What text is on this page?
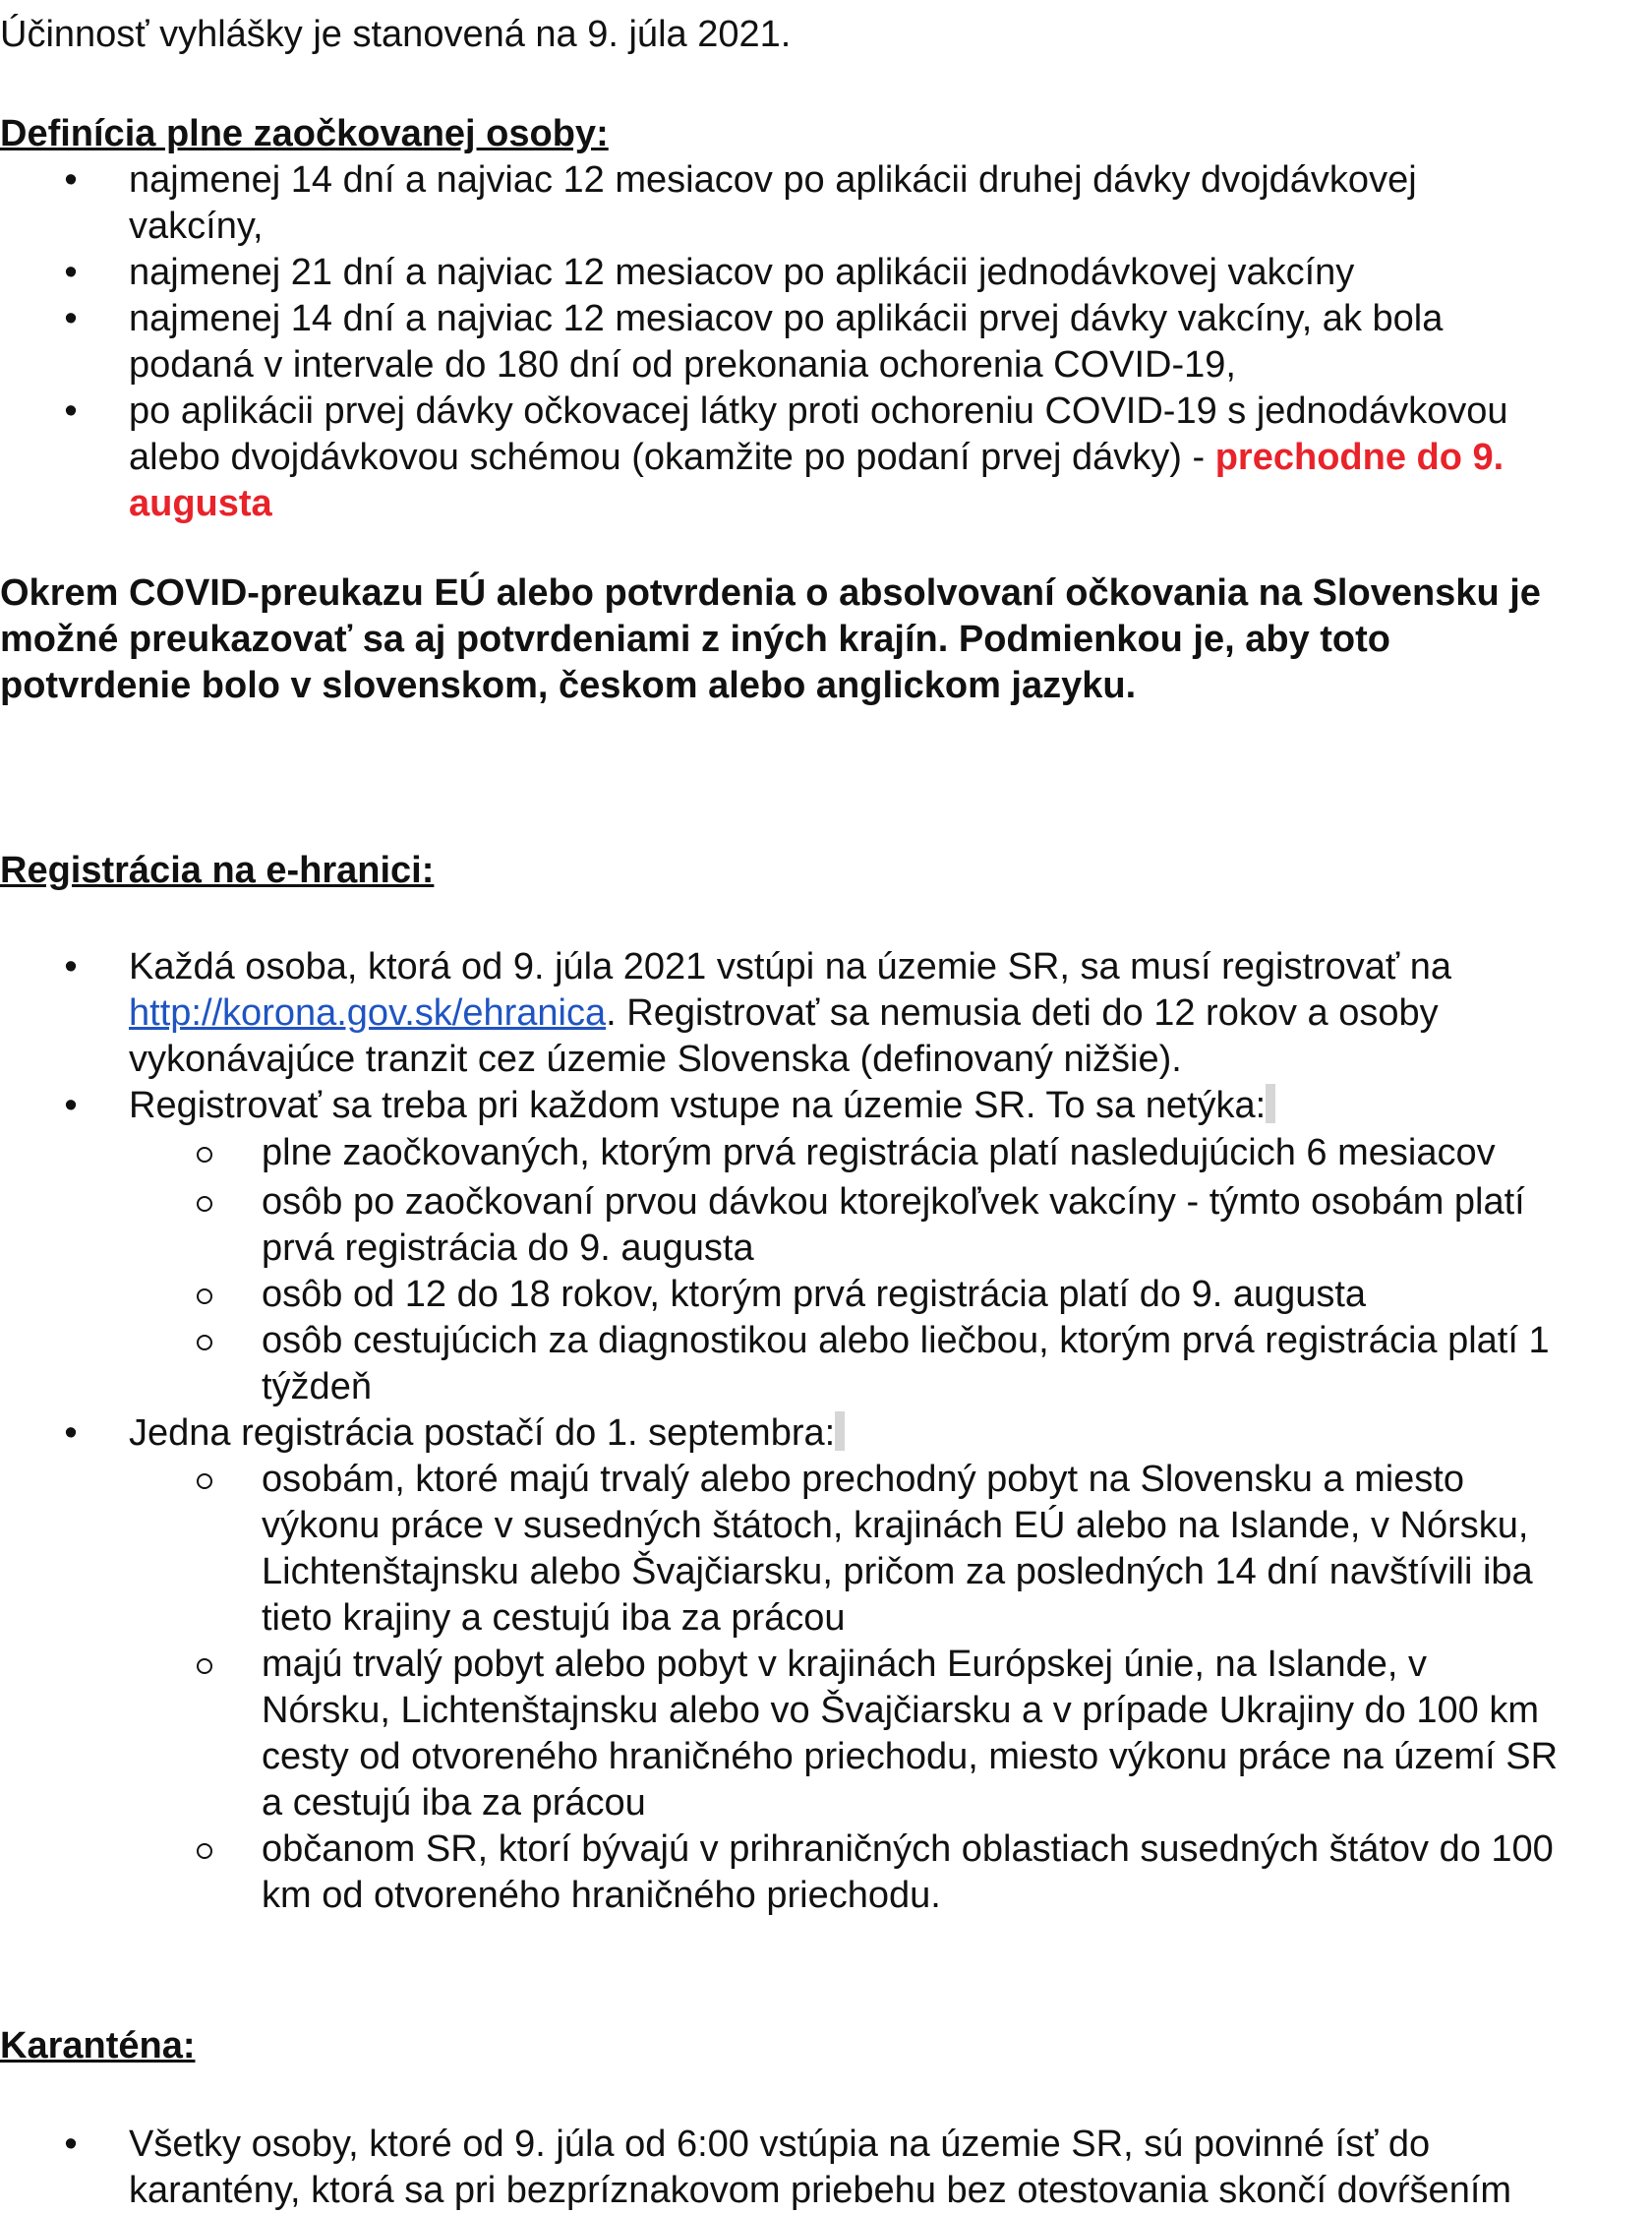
Účinnosť vyhlášky je stanovená na 9. júla 2021.
Definícia plne zaočkovanej osoby:
•
najmenej 14 dní a najviac 12 mesiacov po aplikácii druhej dávky dvojdávkovej
vakcíny,
•
najmenej 21 dní a najviac 12 mesiacov po aplikácii jednodávkovej vakcíny
•
najmenej 14 dní a najviac 12 mesiacov po aplikácii prvej dávky vakcíny, ak bola
podaná v intervale do 180 dní od prekonania ochorenia COVID-19,
•
po aplikácii prvej dávky očkovacej látky proti ochoreniu COVID-19 s jednodávkovou
alebo dvojdávkovou schémou (okamžite po podaní prvej dávky) - prechodne do 9.
augusta
Okrem COVID-preukazu EÚ alebo potvrdenia o absolvovaní očkovania na Slovensku je
možné preukazovať sa aj potvrdeniami z iných krajín. Podmienkou je, aby toto
potvrdenie bolo v slovenskom, českom alebo anglickom jazyku.
Registrácia na e-hranici:
•
Každá osoba, ktorá od 9. júla 2021 vstúpi na územie SR, sa musí registrovať na
http://korona.gov.sk/ehranica. Registrovať sa nemusia deti do 12 rokov a osoby
vykonávajúce tranzit cez územie Slovenska (definovaný nižšie).
•
Registrovať sa treba pri každom vstupe na územie SR. To sa netýka:
plne zaočkovaných, ktorým prvá registrácia platí nasledujúcich 6 mesiacov
osôb po zaočkovaní prvou dávkou ktorejkoľvek vakcíny - týmto osobám platí
prvá registrácia do 9. augusta
osôb od 12 do 18 rokov, ktorým prvá registrácia platí do 9. augusta
osôb cestujúcich za diagnostikou alebo liečbou, ktorým prvá registrácia platí 1
týždeň
•
Jedna registrácia postačí do 1. septembra:
osobám, ktoré majú trvalý alebo prechodný pobyt na Slovensku a miesto
výkonu práce v susedných štátoch, krajinách EÚ alebo na Islande, v Nórsku,
Lichtenštajnsku alebo Švajčiarsku, pričom za posledných 14 dní navštívili iba
tieto krajiny a cestujú iba za prácou
majú trvalý pobyt alebo pobyt v krajinách Európskej únie, na Islande, v
Nórsku, Lichtenštajnsku alebo vo Švajčiarsku a v prípade Ukrajiny do 100 km
cesty od otvoreného hraničného priechodu, miesto výkonu práce na území SR
a cestujú iba za prácou
občanom SR, ktorí bývajú v prihraničných oblastiach susedných štátov do 100
km od otvoreného hraničného priechodu.
Karanténa:
•
Všetky osoby, ktoré od 9. júla od 6:00 vstúpia na územie SR, sú povinné ísť do
karantény, ktorá sa pri bezpríznakovom priebehu bez otestovania skončí dovŕšením
